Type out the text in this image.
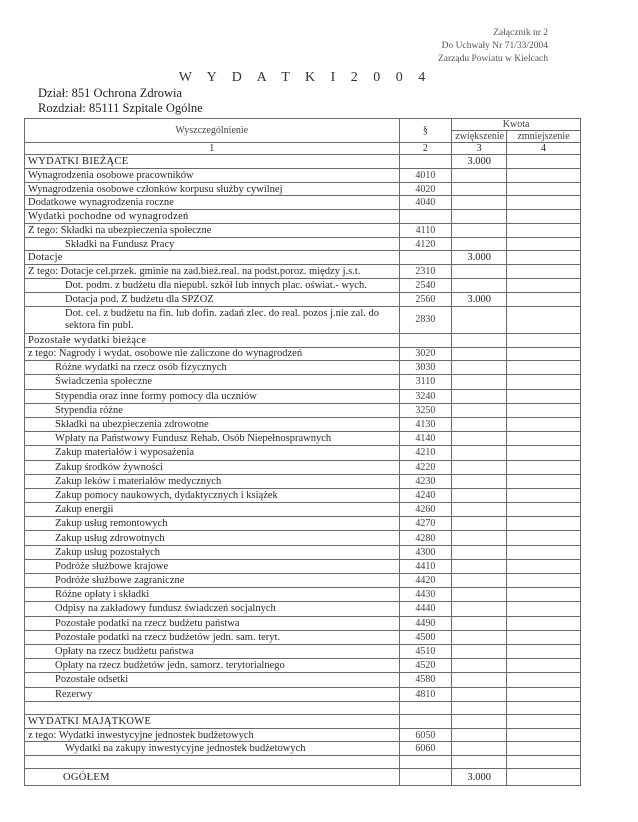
Załącznik nr 2
Do Uchwały Nr 71/33/2004
Zarządu Powiatu w Kielcach
W Y D A T K I 2 0 0 4
Dział: 851 Ochrona Zdrowia
Rozdział: 85111 Szpitale Ogólne
Wyszczególnienie	§	Kwota	
		zwiększenie	zmniejszenie
1	2	3	4
WYDATKI BIEŻĄCE		3.000	
Wynagrodzenia osobowe pracowników	4010		
Wynagrodzenia osobowe członków korpusu służby cywilnej	4020		
Dodatkowe wynagrodzenia roczne	4040		
Wydatki pochodne od wynagrodzeń			
Z tego: Składki na ubezpieczenia społeczne	4110		
Składki na Fundusz Pracy	4120		
Dotacje		3.000	
Z tego: Dotacje cel.przek. gminie na zad.bież.real. na podst.poroz. między j.s.t.	2310		
Dot. podm. z budżetu dla niepubl. szkół lub innych plac. oświat.- wych.	2540		
Dotacja pod. Z budżetu dla SPZOZ	2560	3.000	
Dot. cel. z budżetu na fin. lub dofin. zadań zlec. do real. pozos j.nie zal. do sektora fin publ.	2830		
Pozostałe wydatki bieżące			
z tego: Nagrody i wydat. osobowe nie zaliczone do wynagrodzeń	3020		
Różne wydatki na rzecz osób fizycznych	3030		
Świadczenia społeczne	3110		
Stypendia oraz inne formy pomocy dla uczniów	3240		
Stypendia różne	3250		
Składki na ubezpieczenia zdrowotne	4130		
Wpłaty na Państwowy Fundusz Rehab. Osób Niepełnosprawnych	4140		
Zakup materiałów i wyposażenia	4210		
Zakup środków żywności	4220		
Zakup leków i materiałów medycznych	4230		
Zakup pomocy naukowych, dydaktycznych i książek	4240		
Zakup energii	4260		
Zakup usług remontowych	4270		
Zakup usług zdrowotnych	4280		
Zakup usług pozostałych	4300		
Podróże służbowe krajowe	4410		
Podróże służbowe zagraniczne	4420		
Różne opłaty i składki	4430		
Odpisy na zakładowy fundusz świadczeń socjalnych	4440		
Pozostałe podatki na rzecz budżetu państwa	4490		
Pozostałe podatki na rzecz budżetów jedn. sam. teryt.	4500		
Opłaty na rzecz budżetu państwa	4510		
Opłaty na rzecz budżetów jedn. samorz. terytorialnego	4520		
Pozostałe odsetki	4580		
Rezerwy	4810		

WYDATKI MAJĄTKOWE			
z tego: Wydatki inwestycyjne jednostek budżetowych	6050		
Wydatki na zakupy inwestycyjne jednostek budżetowych	6060		

OGÓŁEM		3.000	
